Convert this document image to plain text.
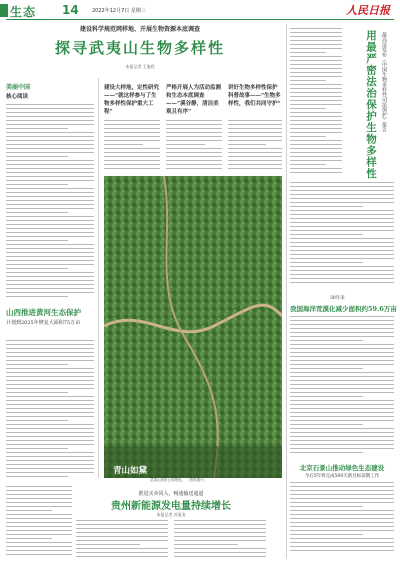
生态 14	2022年12月7日 星期三	人民日报
建设科学规范网样地、开展生物资源本底调查
探寻武夷山生物多样性
本报记者 王崟欣
美丽中国
核心阅读
山西推进黄河生态保护
计划到2025年修复大面积75万亩
建设大样地，定性研究——“就这样参与了生物多样性保护重大工程”
严格开展人为活动监测和生态本底调查——“溪谷静，清洁美观且有序”
讲好生物多样性保护科普故事——“生物多样性，我们共同守护”
青山如黛
武夷山国家公园景色。 （资料图片）
用最严密法治保护生物多样性 最高法发布《中国生物多样性司法保护》报告
30年来
我国海洋荒漠化减少面积约59.6万亩
北京石景山推动绿色生态建设
今后5年将完成500天新目标前期工作
推进买卖同入，畅通输送通道
贵州新能源发电量持续增长
本报记者 苏显龙
